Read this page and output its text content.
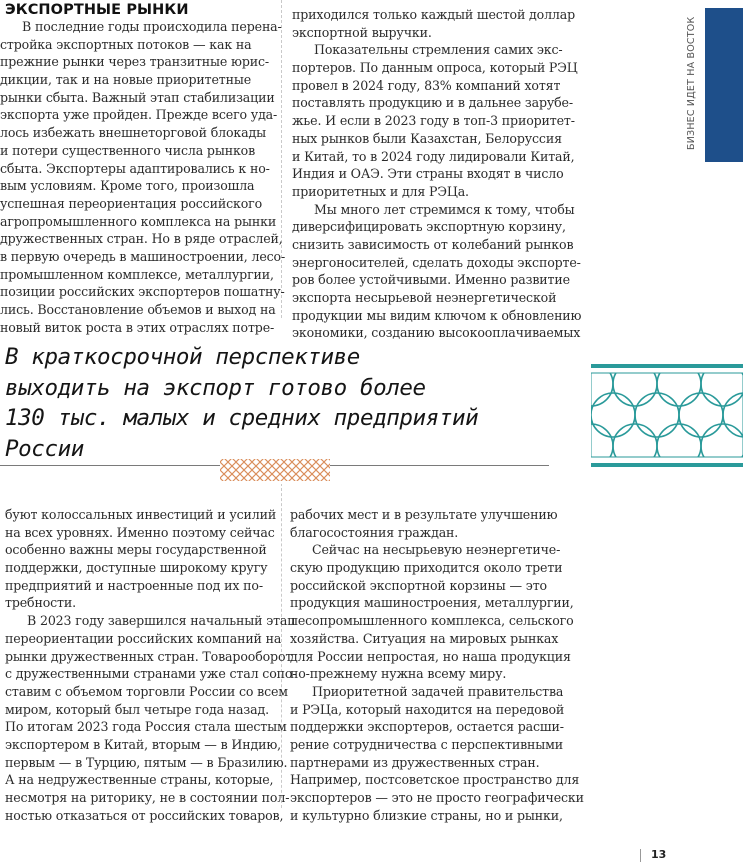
БИЗНЕС ИДЕТ НА ВОСТОК
ЭКСПОРТНЫЕ РЫНКИ
В последние годы происходила перена-
стройка экспортных потоков — как на
прежние рынки через транзитные юрис-
дикции, так и на новые приоритетные
рынки сбыта. Важный этап стабилизации
экспорта уже пройден. Прежде всего уда-
лось избежать внешнеторговой блокады
и потери существенного числа рынков
сбыта. Экспортеры адаптировались к но-
вым условиям. Кроме того, произошла
успешная переориентация российского
агропромышленного комплекса на рынки
дружественных стран. Но в ряде отраслей,
в первую очередь в машиностроении, лесо-
промышленном комплексе, металлургии,
позиции российских экспортеров пошатну-
лись. Восстановление объемов и выход на
новый виток роста в этих отраслях потре-
приходился только каждый шестой доллар
экспортной выручки.
Показательны стремления самих экс-
портеров. По данным опроса, который РЭЦ
провел в 2024 году, 83% компаний хотят
поставлять продукцию и в дальнее зарубе-
жье. И если в 2023 году в топ-3 приоритет-
ных рынков были Казахстан, Белоруссия
и Китай, то в 2024 году лидировали Китай,
Индия и ОАЭ. Эти страны входят в число
приоритетных и для РЭЦа.
Мы много лет стремимся к тому, чтобы
диверсифицировать экспортную корзину,
снизить зависимость от колебаний рынков
энергоносителей, сделать доходы экспорте-
ров более устойчивыми. Именно развитие
экспорта несырьевой неэнергетической
продукции мы видим ключом к обновлению
экономики, созданию высокооплачиваемых
В краткосрочной перспективе
выходить на экспорт готово более
130 тыс. малых и средних предприятий
России
буют колоссальных инвестиций и усилий
на всех уровнях. Именно поэтому сейчас
особенно важны меры государственной
поддержки, доступные широкому кругу
предприятий и настроенные под их по-
требности.
В 2023 году завершился начальный этап
переориентации российских компаний на
рынки дружественных стран. Товарооборот
с дружественными странами уже стал сопо-
ставим с объемом торговли России со всем
миром, который был четыре года назад.
По итогам 2023 года Россия стала шестым
экспортером в Китай, вторым — в Индию,
первым — в Турцию, пятым — в Бразилию.
А на недружественные страны, которые,
несмотря на риторику, не в состоянии пол-
ностью отказаться от российских товаров,
рабочих мест и в результате улучшению
благосостояния граждан.
Сейчас на несырьевую неэнергетиче-
скую продукцию приходится около трети
российской экспортной корзины — это
продукция машиностроения, металлургии,
лесопромышленного комплекса, сельского
хозяйства. Ситуация на мировых рынках
для России непростая, но наша продукция
по-прежнему нужна всему миру.
Приоритетной задачей правительства
и РЭЦа, который находится на передовой
поддержки экспортеров, остается расши-
рение сотрудничества с перспективными
партнерами из дружественных стран.
Например, постсоветское пространство для
экспортеров — это не просто географически
и культурно близкие страны, но и рынки,
13
